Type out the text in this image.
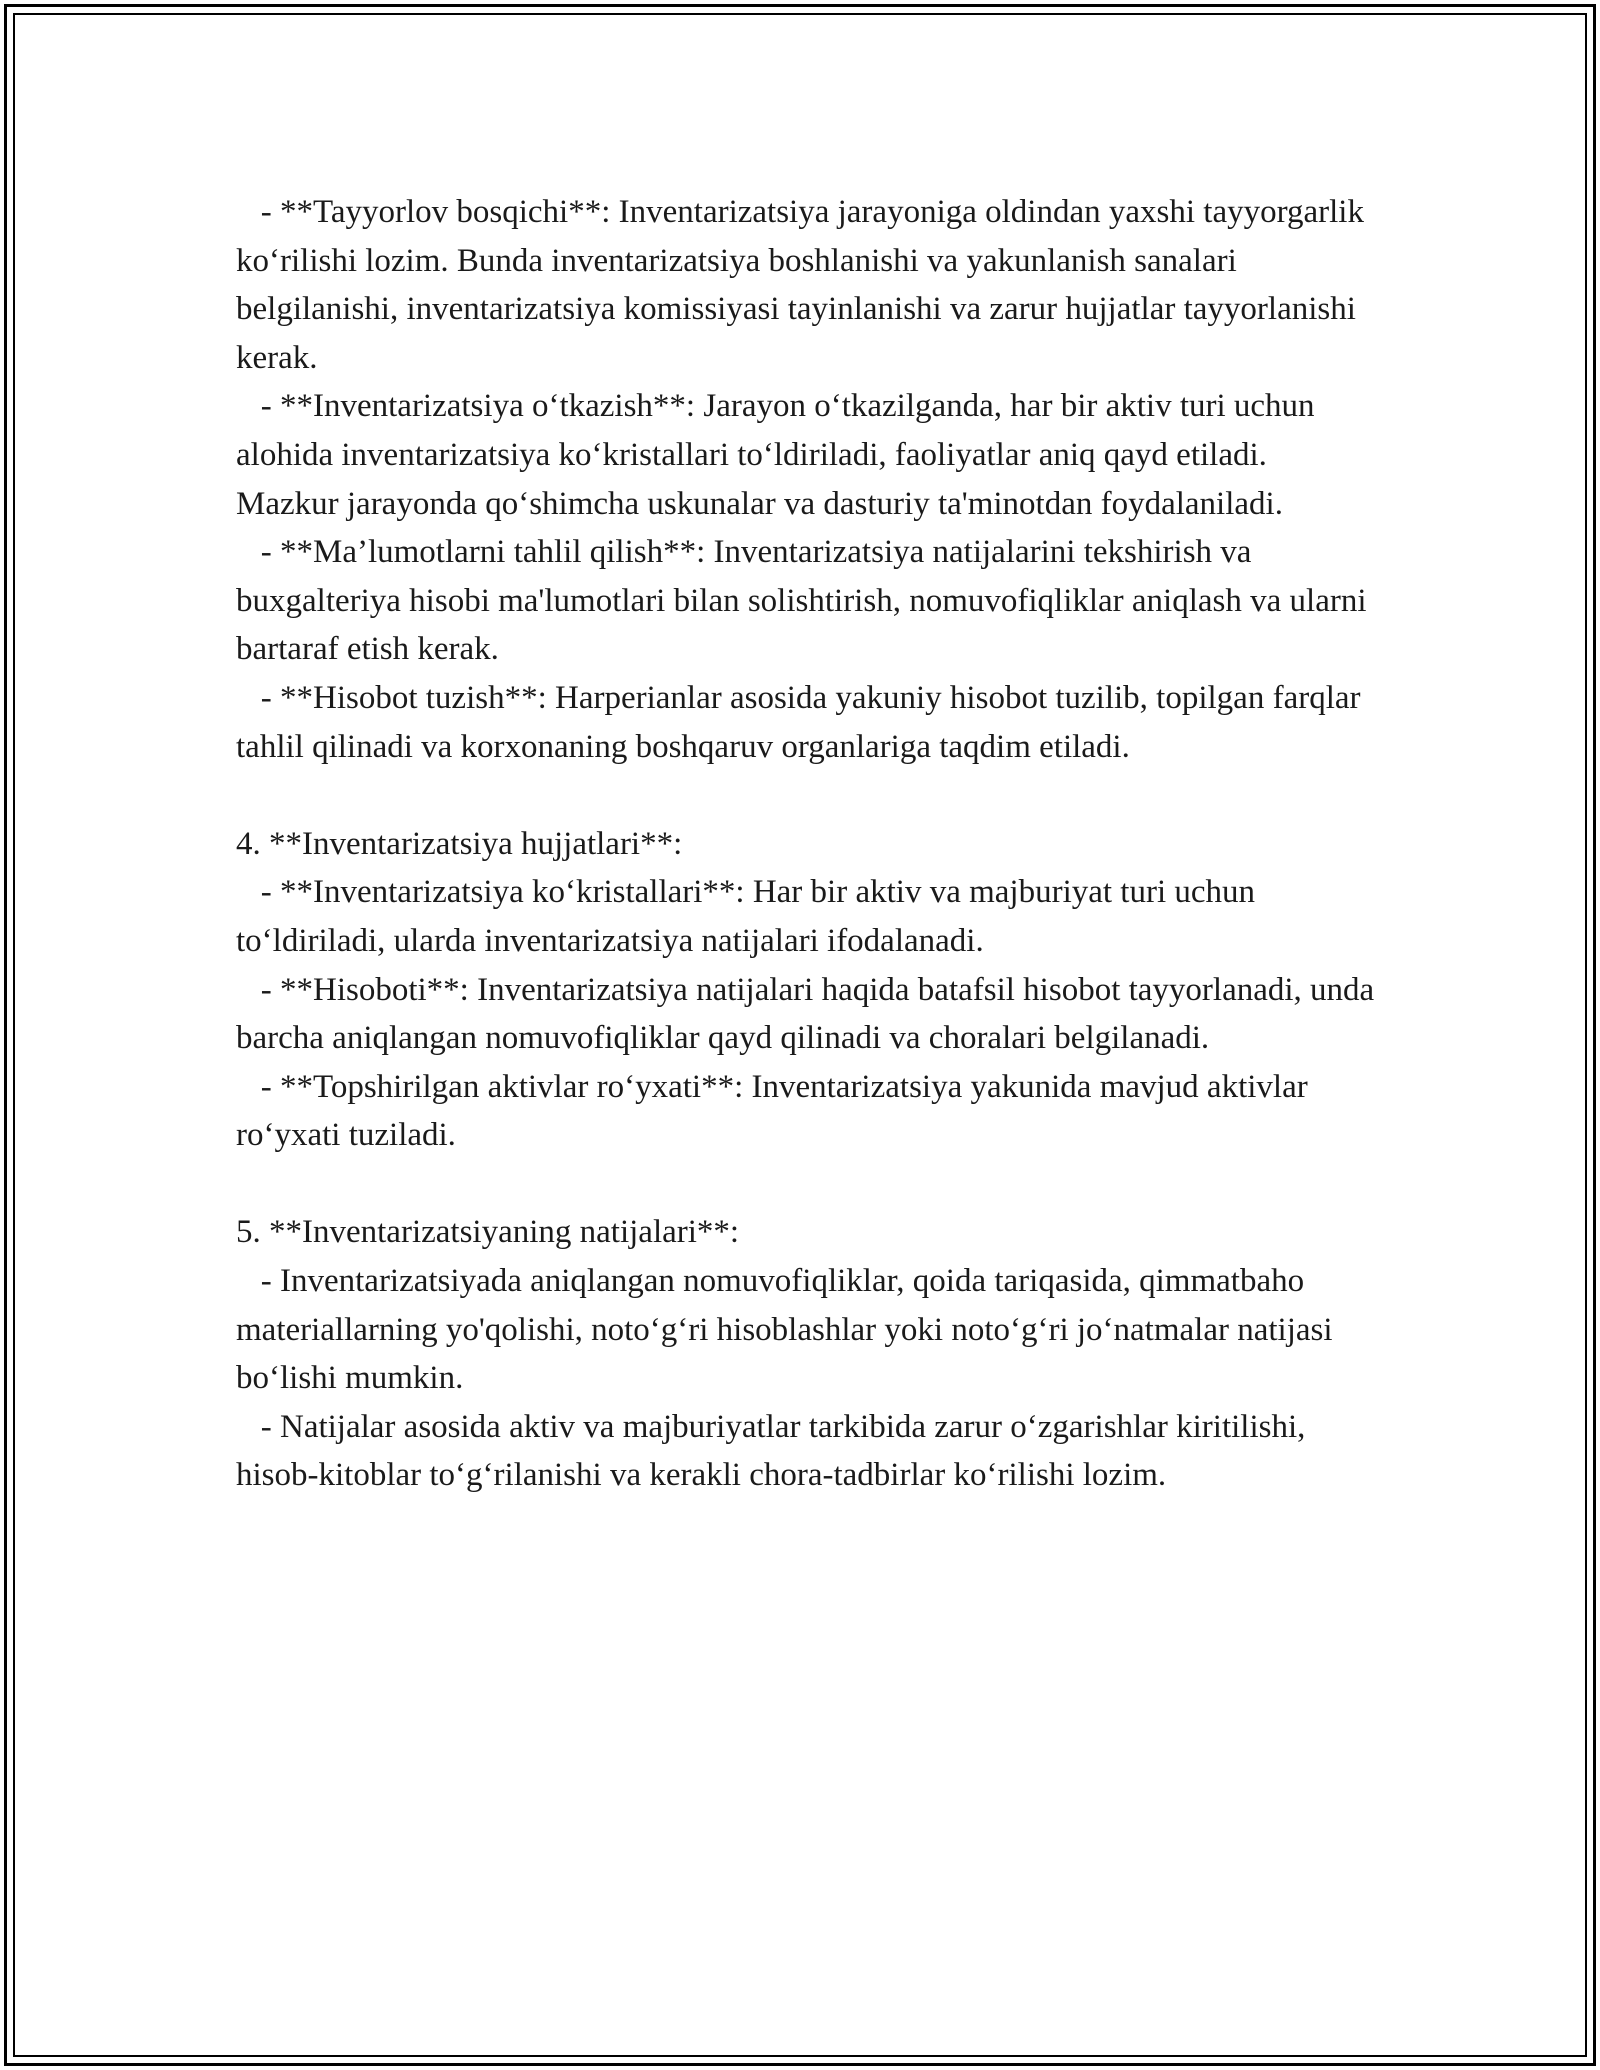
- **Tayyorlov bosqichi**: Inventarizatsiya jarayoniga oldindan yaxshi tayyorgarlik ko‘rilishi lozim. Bunda inventarizatsiya boshlanishi va yakunlanish sanalari belgilanishi, inventarizatsiya komissiyasi tayinlanishi va zarur hujjatlar tayyorlanishi kerak.

- **Inventarizatsiya o‘tkazish**: Jarayon o‘tkazilganda, har bir aktiv turi uchun alohida inventarizatsiya ko‘kristallari to‘ldiriladi, faoliyatlar aniq qayd etiladi. Mazkur jarayonda qo‘shimcha uskunalar va dasturiy ta'minotdan foydalaniladi.

- **Ma’lumotlarni tahlil qilish**: Inventarizatsiya natijalarini tekshirish va buxgalteriya hisobi ma'lumotlari bilan solishtirish, nomuvofiqliklar aniqlash va ularni bartaraf etish kerak.

- **Hisobot tuzish**: Harperianlar asosida yakuniy hisobot tuzilib, topilgan farqlar tahlil qilinadi va korxonaning boshqaruv organlariga taqdim etiladi.

4. **Inventarizatsiya hujjatlari**:

- **Inventarizatsiya ko‘kristallari**: Har bir aktiv va majburiyat turi uchun to‘ldiriladi, ularda inventarizatsiya natijalari ifodalanadi.

- **Hisoboti**: Inventarizatsiya natijalari haqida batafsil hisobot tayyorlanadi, unda barcha aniqlangan nomuvofiqliklar qayd qilinadi va choralari belgilanadi.

- **Topshirilgan aktivlar ro‘yxati**: Inventarizatsiya yakunida mavjud aktivlar ro‘yxati tuziladi.

5. **Inventarizatsiyaning natijalari**:

- Inventarizatsiyada aniqlangan nomuvofiqliklar, qoida tariqasida, qimmatbaho materiallarning yo'qolishi, noto‘g‘ri hisoblashlar yoki noto‘g‘ri jo‘natmalar natijasi bo‘lishi mumkin.

- Natijalar asosida aktiv va majburiyatlar tarkibida zarur o‘zgarishlar kiritilishi, hisob-kitoblar to‘g‘rilanishi va kerakli chora-tadbirlar ko‘rilishi lozim.
